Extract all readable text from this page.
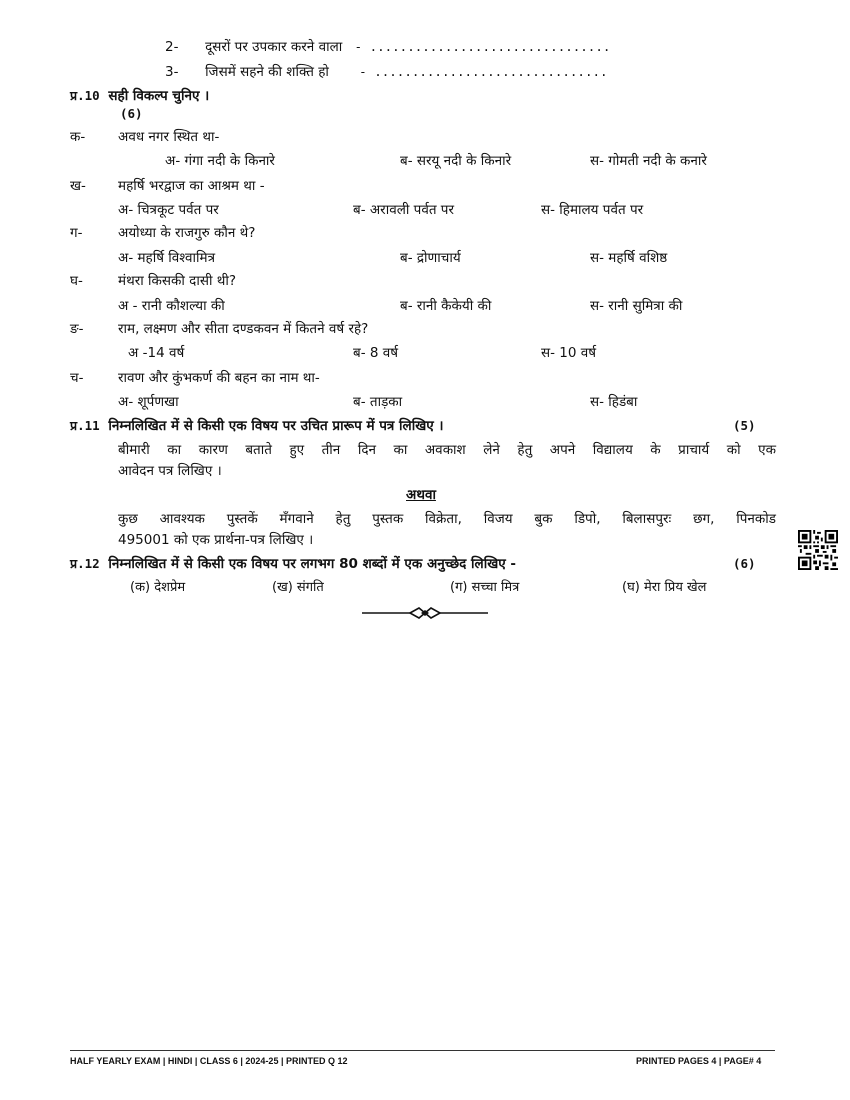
2- दूसरों पर उपकार करने वाला - ................................
3- जिसमें सहने की शक्ति हो - ...............................
प्र.10 सही विकल्प चुनिए ।
(6)
क- अवध नगर स्थित था-
अ- गंगा नदी के किनारे	ब- सरयू नदी के किनारे	स- गोमती नदी के कनारे
ख- महर्षि भरद्वाज का आश्रम था -
अ- चित्रकूट पर्वत पर	ब- अरावली पर्वत पर	स- हिमालय पर्वत पर
ग-	अयोध्या के राजगुरु कौन थे?
अ- महर्षि विश्वामित्र	ब- द्रोणाचार्य	स- महर्षि वशिष्ठ
घ-	मंथरा किसकी दासी थी?
अ - रानी कौशल्या की	ब- रानी कैकेयी की	स- रानी सुमित्रा की
ङ-	राम, लक्ष्मण और सीता दण्डकवन में कितने वर्ष रहे?
अ -14 वर्ष	ब- 8 वर्ष	स- 10 वर्ष
च-	रावण और कुंभकर्ण की बहन का नाम था-
अ- शूर्पणखा	ब- ताड़का	स- हिडंबा
प्र.11 निम्नलिखित में से किसी एक विषय पर उचित प्रारूप में पत्र लिखिए ।	(5)
बीमारी का कारण बताते हुए तीन दिन का अवकाश लेने हेतु अपने विद्यालय के प्राचार्य को एक
आवेदन पत्र लिखिए ।
अथवा
कुछ आवश्यक पुस्तकें मँगवाने हेतु पुस्तक विक्रेता, विजय बुक डिपो, बिलासपुरः छग, पिनकोड
495001 को एक प्रार्थना-पत्र लिखिए ।
प्र.12 निम्नलिखित में से किसी एक विषय पर लगभग 80 शब्दों में एक अनुच्छेद लिखिए -	(6)
(क) देशप्रेम	(ख) संगति	(ग) सच्चा मित्र	(घ) मेरा प्रिय खेल
HALF YEARLY EXAM | HINDI | CLASS 6 | 2024-25 | PRINTED Q 12	PRINTED PAGES 4 | PAGE# 4
